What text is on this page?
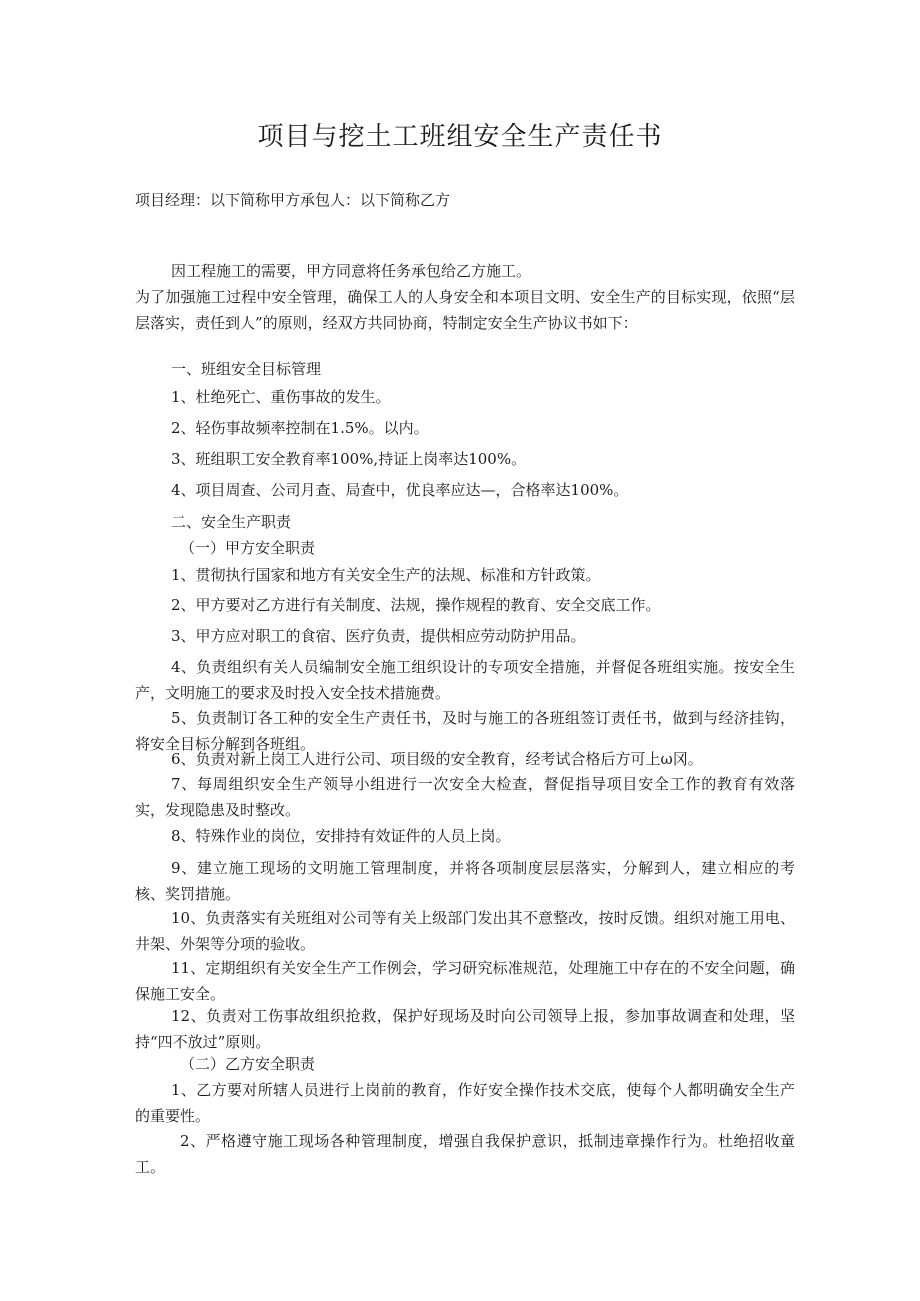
项目与挖土工班组安全生产责任书

项目经理：以下简称甲方承包人：以下简称乙方

因工程施工的需要，甲方同意将任务承包给乙方施工。

为了加强施工过程中安全管理，确保工人的人身安全和本项目文明、安全生产的目标实现，依照“层层落实，责任到人”的原则，经双方共同协商，特制定安全生产协议书如下：

一、班组安全目标管理

1、杜绝死亡、重伤事故的发生。

2、轻伤事故频率控制在1.5%。以内。

3、班组职工安全教育率100%,持证上岗率达100%。

4、项目周查、公司月查、局查中，优良率应达—，合格率达100%。

二、安全生产职责

（一）甲方安全职责

1、贯彻执行国家和地方有关安全生产的法规、标准和方针政策。

2、甲方要对乙方进行有关制度、法规，操作规程的教育、安全交底工作。

3、甲方应对职工的食宿、医疗负责，提供相应劳动防护用品。

4、负责组织有关人员编制安全施工组织设计的专项安全措施，并督促各班组实施。按安全生产，文明施工的要求及时投入安全技术措施费。

5、负责制订各工种的安全生产责任书，及时与施工的各班组签订责任书，做到与经济挂钩，将安全目标分解到各班组。

6、负责对新上岗工人进行公司、项目级的安全教育，经考试合格后方可上ω冈。

7、每周组织安全生产领导小组进行一次安全大检查，督促指导项目安全工作的教育有效落实，发现隐患及时整改。

8、特殊作业的岗位，安排持有效证件的人员上岗。

9、建立施工现场的文明施工管理制度，并将各项制度层层落实，分解到人，建立相应的考核、奖罚措施。

10、负责落实有关班组对公司等有关上级部门发出其不意整改，按时反馈。组织对施工用电、井架、外架等分项的验收。

11、定期组织有关安全生产工作例会，学习研究标准规范，处理施工中存在的不安全问题，确保施工安全。

12、负责对工伤事故组织抢救，保护好现场及时向公司领导上报，参加事故调查和处理，坚持“四不放过”原则。

（二）乙方安全职责

1、乙方要对所辖人员进行上岗前的教育，作好安全操作技术交底，使每个人都明确安全生产的重要性。

2、严格遵守施工现场各种管理制度，增强自我保护意识，抵制违章操作行为。杜绝招收童工。
